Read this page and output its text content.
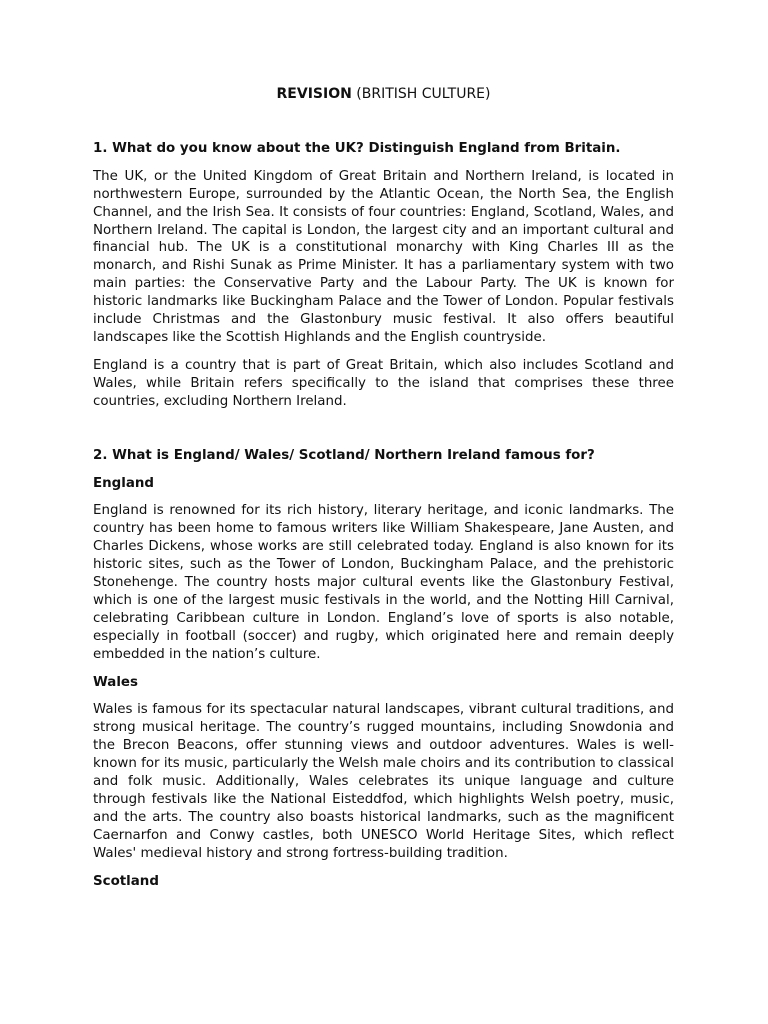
REVISION (BRITISH CULTURE)
1. What do you know about the UK? Distinguish England from Britain.
The UK, or the United Kingdom of Great Britain and Northern Ireland, is located in northwestern Europe, surrounded by the Atlantic Ocean, the North Sea, the English Channel, and the Irish Sea. It consists of four countries: England, Scotland, Wales, and Northern Ireland. The capital is London, the largest city and an important cultural and financial hub. The UK is a constitutional monarchy with King Charles III as the monarch, and Rishi Sunak as Prime Minister. It has a parliamentary system with two main parties: the Conservative Party and the Labour Party. The UK is known for historic landmarks like Buckingham Palace and the Tower of London. Popular festivals include Christmas and the Glastonbury music festival. It also offers beautiful landscapes like the Scottish Highlands and the English countryside.
England is a country that is part of Great Britain, which also includes Scotland and Wales, while Britain refers specifically to the island that comprises these three countries, excluding Northern Ireland.
2. What is England/ Wales/ Scotland/ Northern Ireland famous for?
England
England is renowned for its rich history, literary heritage, and iconic landmarks. The country has been home to famous writers like William Shakespeare, Jane Austen, and Charles Dickens, whose works are still celebrated today. England is also known for its historic sites, such as the Tower of London, Buckingham Palace, and the prehistoric Stonehenge. The country hosts major cultural events like the Glastonbury Festival, which is one of the largest music festivals in the world, and the Notting Hill Carnival, celebrating Caribbean culture in London. England’s love of sports is also notable, especially in football (soccer) and rugby, which originated here and remain deeply embedded in the nation’s culture.
Wales
Wales is famous for its spectacular natural landscapes, vibrant cultural traditions, and strong musical heritage. The country’s rugged mountains, including Snowdonia and the Brecon Beacons, offer stunning views and outdoor adventures. Wales is well-known for its music, particularly the Welsh male choirs and its contribution to classical and folk music. Additionally, Wales celebrates its unique language and culture through festivals like the National Eisteddfod, which highlights Welsh poetry, music, and the arts. The country also boasts historical landmarks, such as the magnificent Caernarfon and Conwy castles, both UNESCO World Heritage Sites, which reflect Wales' medieval history and strong fortress-building tradition.
Scotland
